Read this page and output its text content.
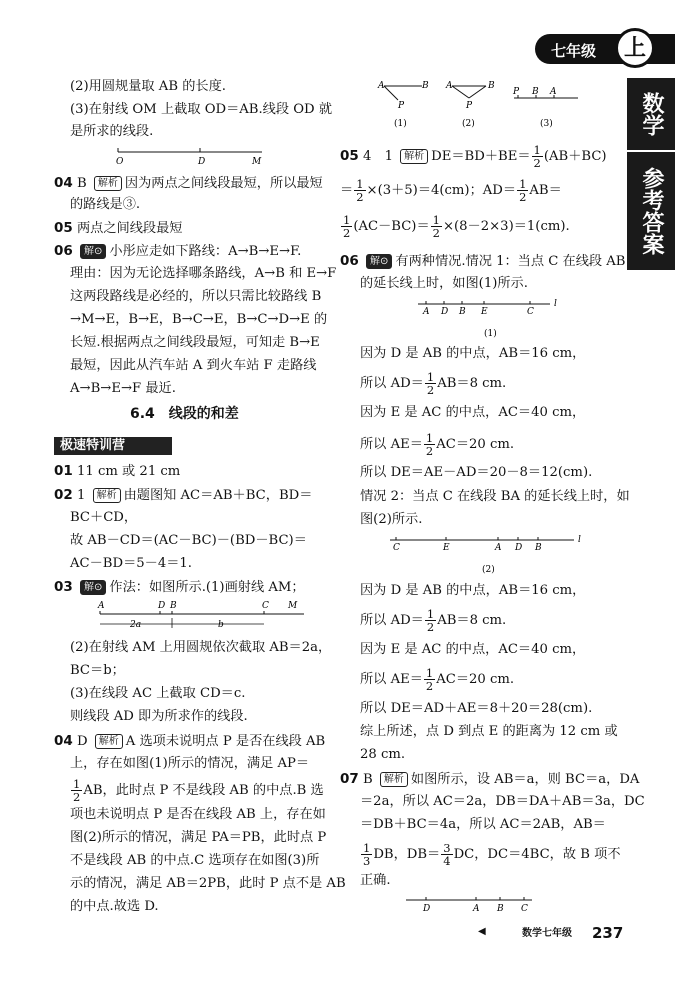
七年级	上
数学
参考答案
(2)用圆规量取 AB 的长度.
(3)在射线 OM 上截取 OD＝AB.线段 OD 就
是所求的线段.
O	D	M
04 B 解析 因为两点之间线段最短，所以最短
的路线是③.
05 两点之间线段最短
06 解⊙ 小彤应走如下路线：A→B→E→F.
理由：因为无论选择哪条路线，A→B 和 E→F
这两段路线是必经的，所以只需比较路线 B
→M→E，B→E，B→C→E，B→C→D→E 的
长短.根据两点之间线段最短，可知走 B→E
最短，因此从汽车站 A 到火车站 F 走路线
A→B→E→F 最近.
6.4　线段的和差
极速特训营
01 11 cm 或 21 cm
02 1 解析 由题图知 AC＝AB＋BC，BD＝
BC＋CD，
故 AB－CD＝(AC－BC)－(BD－BC)＝
AC－BD＝5－4＝1.
03 解⊙ 作法：如图所示.(1)画射线 AM；
A	D B	C M
2a	b
(2)在射线 AM 上用圆规依次截取 AB＝2a，
BC＝b；
(3)在线段 AC 上截取 CD＝c.
则线段 AD 即为所求作的线段.
04 D 解析 A 选项未说明点 P 是否在线段 AB
上，存在如图(1)所示的情况，满足 AP＝
$\frac{1}{2}$ AB，此时点 P 不是线段 AB 的中点.B 选
项也未说明点 P 是否在线段 AB 上，存在如
图(2)所示的情况，满足 PA＝PB，此时点 P
不是线段 AB 的中点.C 选项存在如图(3)所
示的情况，满足 AB＝2PB，此时 P 点不是 AB
的中点.故选 D.
A	B
P
(1)
A	B
P
(2)
P B A
(3)
05 4　1 解析 $DE=BD+BE= \frac{1}{2} (AB+BC)$
＝ $\frac{1}{2} \times(3+5)=4(cm)$；$AD= \frac{1}{2} AB=$
$\frac{1}{2} (AC-BC)= \frac{1}{2} \times(8-2\times 3)=1(cm)$.
06 解⊙ 有两种情况.情况 1：当点 C 在线段 AB
的延长线上时，如图(1)所示.
A D B E	C
l
(1)
因为 D 是 AB 的中点，AB＝16 cm，
所以 $AD= \frac{1}{2} AB=8$ cm.
因为 E 是 AC 的中点，AC＝40 cm，
所以 $AE= \frac{1}{2} AC=20$ cm.
所以 DE＝AE－AD＝20－8＝12(cm).
情况 2：当点 C 在线段 BA 的延长线上时，如
图(2)所示.
C	E	A D B
l
(2)
因为 D 是 AB 的中点，AB＝16 cm，
所以 $AD= \frac{1}{2} AB=8$ cm.
因为 E 是 AC 的中点，AC＝40 cm，
所以 $AE= \frac{1}{2} AC=20$ cm.
所以 DE＝AD＋AE＝8＋20＝28(cm).
综上所述，点 D 到点 E 的距离为 12 cm 或
28 cm.
07 B 解析 如图所示，设 AB＝a，则 BC＝a，DA
＝2a，所以 AC＝2a，DB＝DA＋AB＝3a，DC
＝DB＋BC＝4a，所以 AC＝2AB，AB＝
$\frac{1}{3}$ DB，$DB= \frac{3}{4}$ DC，DC＝4BC，故 B 项不
正确.
D	A B C
◀	数学七年级 237
